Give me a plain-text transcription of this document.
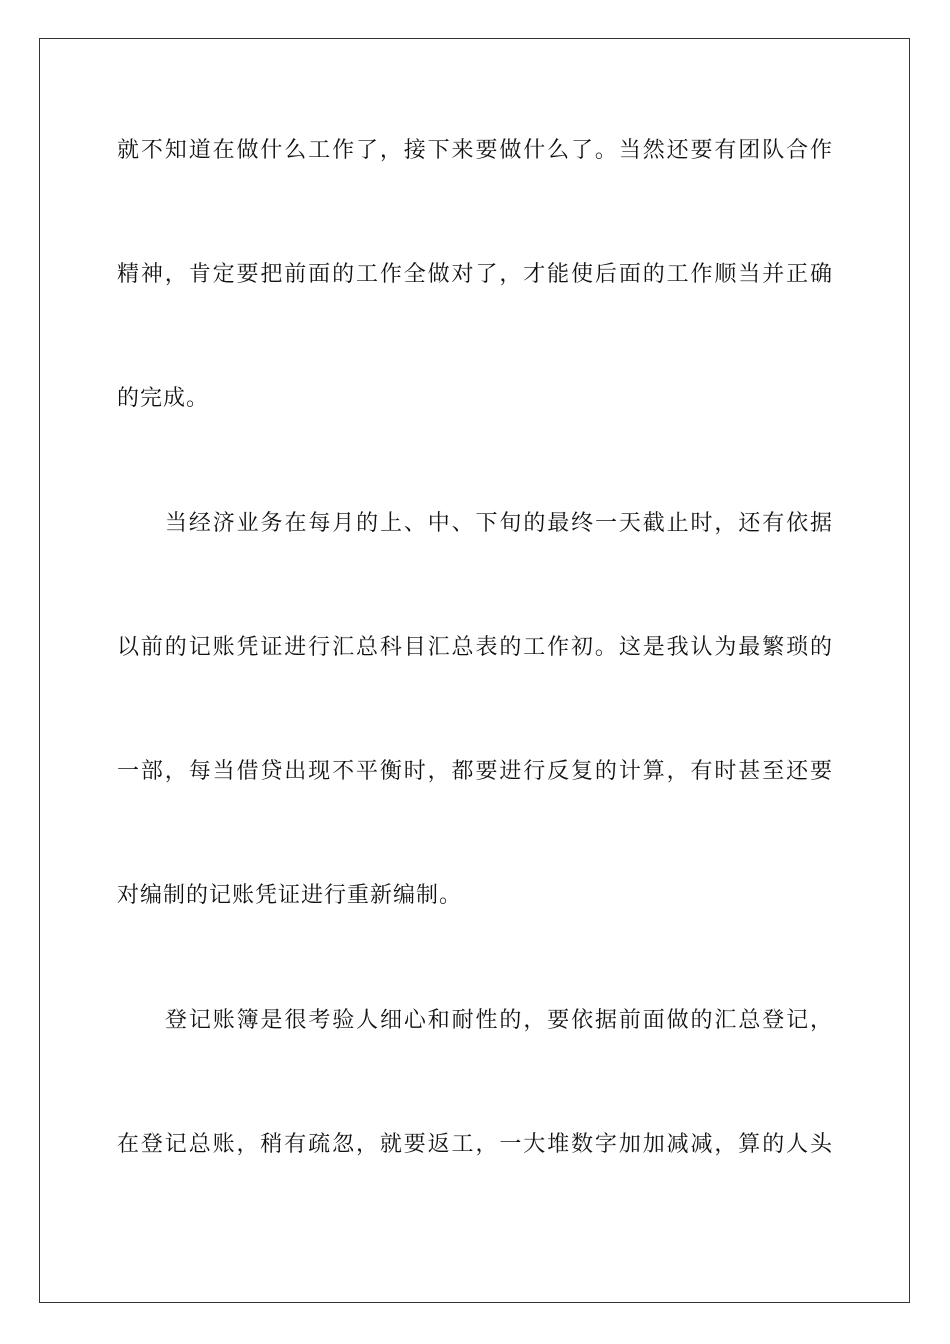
就不知道在做什么工作了，接下来要做什么了。当然还要有团队合作
精神，肯定要把前面的工作全做对了，才能使后面的工作顺当并正确
的完成。
当经济业务在每月的上、中、下旬的最终一天截止时，还有依据
以前的记账凭证进行汇总科目汇总表的工作初。这是我认为最繁琐的
一部，每当借贷出现不平衡时，都要进行反复的计算，有时甚至还要
对编制的记账凭证进行重新编制。
登记账簿是很考验人细心和耐性的，要依据前面做的汇总登记，
在登记总账，稍有疏忽，就要返工，一大堆数字加加减减，算的人头
